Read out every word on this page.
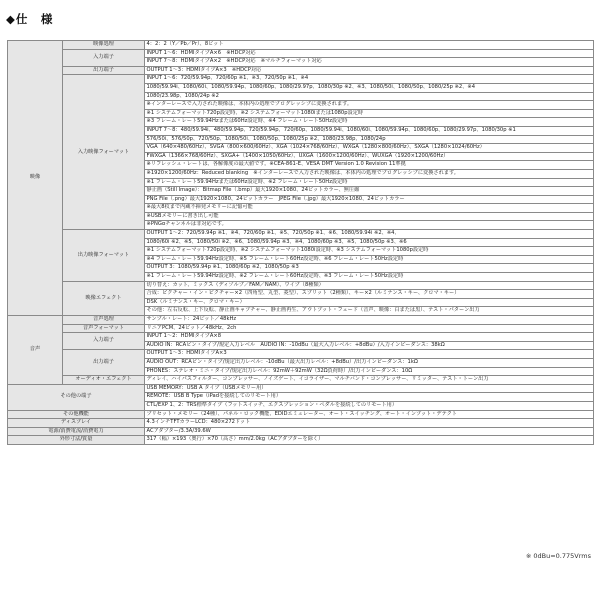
◆仕　様
映像	映像処理	4：2：2（Y／Pb／Pr）、8ビット
	入力端子	INPUT 1〜6：HDMIタイプA×6　※HDCP対応
		INPUT 7〜8：HDMIタイプA×2　※HDCP対応　※マルチフォーマット対応
	出力端子	OUTPUT 1〜3：HDMIタイプA×3　※HDCP対応
	入力映像フォーマット	INPUT 1〜6：720/59.94p、720/60p ※1、※3、720/50p ※1、※4
		1080/59.94i、1080/60i、1080/59.94p、1080/60p、1080/29.97p、1080/30p ※2、※3、1080/50i、1080/50p、1080/25p ※2、※4
		1080/23.98p、1080/24p ※2
		※インターレースで入力された映像は、本体内の処理でプログレッシブに変換されます。
		※1 システムフォーマット720p設定時、※2 システムフォーマット1080iまたは1080p設定時
		※3 フレーム・レート59.94Hzまたは60Hz設定時、※4 フレーム・レート50Hz設定時
		INPUT 7〜8：480/59.94i、480/59.94p、720/59.94p、720/60p、1080/59.94i、1080/60i、1080/59.94p、1080/60p、1080/29.97p、1080/30p ※1
		576/50i、576/50p、720/50p、1080/50i、1080/50p、1080/25p ※2、1080/23.98p、1080/24p
		VGA（640×480/60Hz）、SVGA（800×600/60Hz）、XGA（1024×768/60Hz）、WXGA（1280×800/60Hz）、SXGA（1280×1024/60Hz）
		FWXGA（1366×768/60Hz）、SXGA+（1400×1050/60Hz）、UXGA（1600×1200/60Hz）、WUXGA（1920×1200/60Hz）
		※リフレッシュ・レートは、各解像度の最大値です。※CEA-861-E、VESA DMT Version 1.0 Revision 11準拠
		※1920×1200/60Hz：Reduced blanking　※インターレースで入力された映像は、本体内の処理でプログレッシブに変換されます。
		※1 フレーム・レート59.94Hzまたは60Hz設定時、※2 フレーム・レート50Hz設定時
		静止画（Still Image）：Bitmap File（.bmp）最大1920×1080、24ビットカラー、無圧縮
		PNG File（.png）最大1920×1080、24ビットカラー　JPEG File（.jpg）最大1920×1080、24ビットカラー
		※最大8枚まで内蔵不揮発メモリーに記憶可能
		※USBメモリーに書き出し可能
		※PNGαチャンネルは非対応です。
	出力映像フォーマット	OUTPUT 1〜2：720/59.94p ※1、※4、720/60p ※1、※5、720/50p ※1、※6、1080/59.94i ※2、※4、
		1080/60i ※2、※5、1080/50i ※2、※6、1080/59.94p ※3、※4、1080/60p ※3、※5、1080/50p ※3、※6
		※1 システムフォーマット720p設定時、※2 システムフォーマット1080i設定時、※3 システムフォーマット1080p設定時
		※4 フレーム・レート59.94Hz設定時、※5 フレーム・レート60Hz設定時、※6 フレーム・レート50Hz設定時
		OUTPUT 3：1080/59.94p ※1、1080/60p ※2、1080/50p ※3
		※1 フレーム・レート59.94Hz設定時、※2 フレーム・レート60Hz設定時、※3 フレーム・レート50Hz設定時
	映像エフェクト	切り替え：カット、ミックス（ディゾルブ／FAM／NAM）、ワイプ（8種類）
		合成：ピクチャー・イン・ピクチャー×2（四角型、丸型、菱型）、スプリット（2種類）、キー×2（ルミナンス・キー、クロマ・キー）
		DSK（ルミナンス・キー、クロマ・キー）
		その他：左右反転、上下反転、静止画キャプチャー、静止画再生、アウトプット・フェード（音声、映像：白または黒）、テスト・パターン出力
音声	音声処理	サンプル・レート：24ビット／48kHz
	音声フォーマット	リニアPCM、24ビット／48kHz、2ch
	入力端子	INPUT 1〜2：HDMIタイプA×8
		AUDIO IN：RCAピン・タイプ/規定入力レベル　AUDIO IN：-10dBu（最大入力レベル：+8dBu）/入力インピーダンス：38kΩ
	出力端子	OUTPUT 1〜3：HDMIタイプA×3
		AUDIO OUT：RCAピン・タイプ/規定出力レベル：-10dBu（最大出力レベル：+8dBu）/出力インピーダンス：1kΩ
		PHONES：ステレオ・ミニ・タイプ/規定出力レベル：92mW＋92mW（32Ω負荷時）/出力インピーダンス：10Ω
	オーディオ・エフェクト	ディレイ、ハイパスフィルター、コンプレッサー、ノイズゲート、イコライザー、マルチバンド・コンプレッサー、リミッター、テスト・トーン出力
その他の端子		USB MEMORY：USB A タイプ（USBメモリー用）
		REMOTE：USB B Type（iPadを接続してのリモート用）
		CTL/EXP 1、2：TRS標準タイプ（フットスイッチ、エクスプレッション・ペダルを接続してのリモート用）
その他機能		プリセット・メモリー（24種）、パネル・ロック機能、EDIDエミュレーター、オート・スイッチング、オート・インプット・デテクト
ディスプレイ		4.3インチTFTカラーLCD：480×272ドット
電源/消費電流/消費電力		ACアダプター/3.3A/39.6W
外形寸法/質量		317（幅）×193（奥行）×70（高さ）mm/2.0kg（ACアダプターを除く）
※ 0dBu=0.775Vrms
